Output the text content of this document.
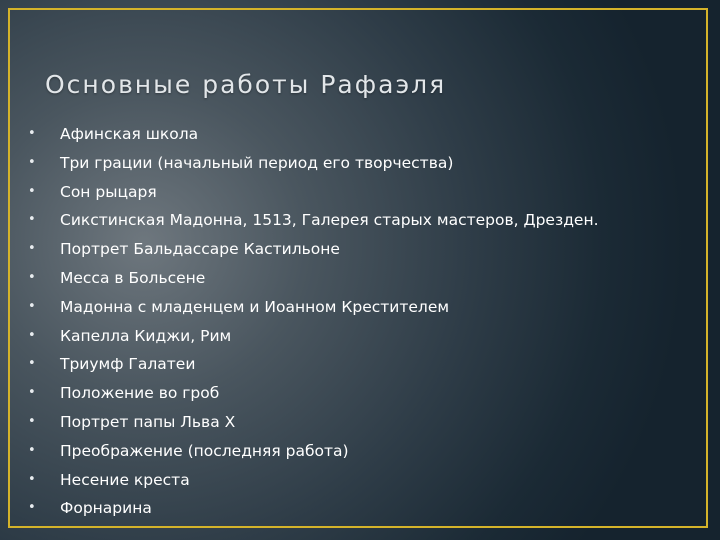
Основные работы Рафаэля
• Афинская школа
• Три грации (начальный период его творчества)
• Сон рыцаря
• Сикстинская Мадонна, 1513, Галерея старых мастеров, Дрезден.
• Портрет Бальдассаре Кастильоне
• Месса в Больсене
• Мадонна с младенцем и Иоанном Крестителем
• Капелла Киджи, Рим
• Триумф Галатеи
• Положение во гроб
• Портрет папы Льва X
• Преображение (последняя работа)
• Несение креста
• Форнарина
